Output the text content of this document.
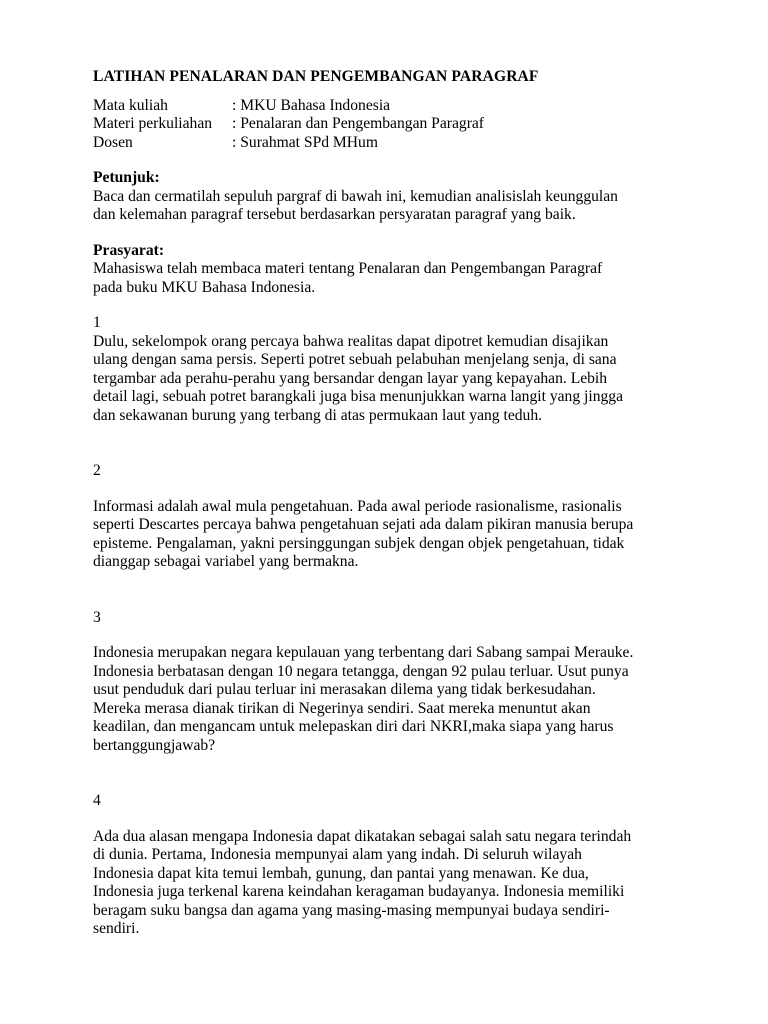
LATIHAN PENALARAN DAN PENGEMBANGAN PARAGRAF
Mata kuliah	: MKU Bahasa Indonesia
Materi perkuliahan	: Penalaran dan Pengembangan Paragraf
Dosen	: Surahmat SPd MHum
Petunjuk:
Baca dan cermatilah sepuluh pargraf di bawah ini, kemudian analisislah keunggulan
dan kelemahan paragraf tersebut berdasarkan persyaratan paragraf yang baik.
Prasyarat:
Mahasiswa telah membaca materi tentang Penalaran dan Pengembangan Paragraf
pada buku MKU Bahasa Indonesia.
1
Dulu, sekelompok orang percaya bahwa realitas dapat dipotret kemudian disajikan
ulang dengan sama persis. Seperti potret sebuah pelabuhan menjelang senja, di sana
tergambar ada perahu-perahu yang bersandar dengan layar yang kepayahan. Lebih
detail lagi, sebuah potret barangkali juga bisa menunjukkan warna langit yang jingga
dan sekawanan burung yang terbang di atas permukaan laut yang teduh.
2
Informasi adalah awal mula pengetahuan. Pada awal periode rasionalisme, rasionalis
seperti Descartes percaya bahwa pengetahuan sejati ada dalam pikiran manusia berupa
episteme. Pengalaman, yakni persinggungan subjek dengan objek pengetahuan, tidak
dianggap sebagai variabel yang bermakna.
3
Indonesia merupakan negara kepulauan yang terbentang dari Sabang sampai Merauke.
Indonesia berbatasan dengan 10 negara tetangga, dengan 92 pulau terluar. Usut punya
usut penduduk dari pulau terluar ini merasakan dilema yang tidak berkesudahan.
Mereka merasa dianak tirikan di Negerinya sendiri. Saat mereka menuntut akan
keadilan, dan mengancam untuk melepaskan diri dari NKRI,maka siapa yang harus
bertanggungjawab?
4
Ada dua alasan mengapa Indonesia dapat dikatakan sebagai salah satu negara terindah
di dunia. Pertama, Indonesia mempunyai alam yang indah. Di seluruh wilayah
Indonesia dapat kita temui lembah, gunung, dan pantai yang menawan. Ke dua,
Indonesia juga terkenal karena keindahan keragaman budayanya. Indonesia memiliki
beragam suku bangsa dan agama yang masing-masing mempunyai budaya sendiri-
sendiri.
